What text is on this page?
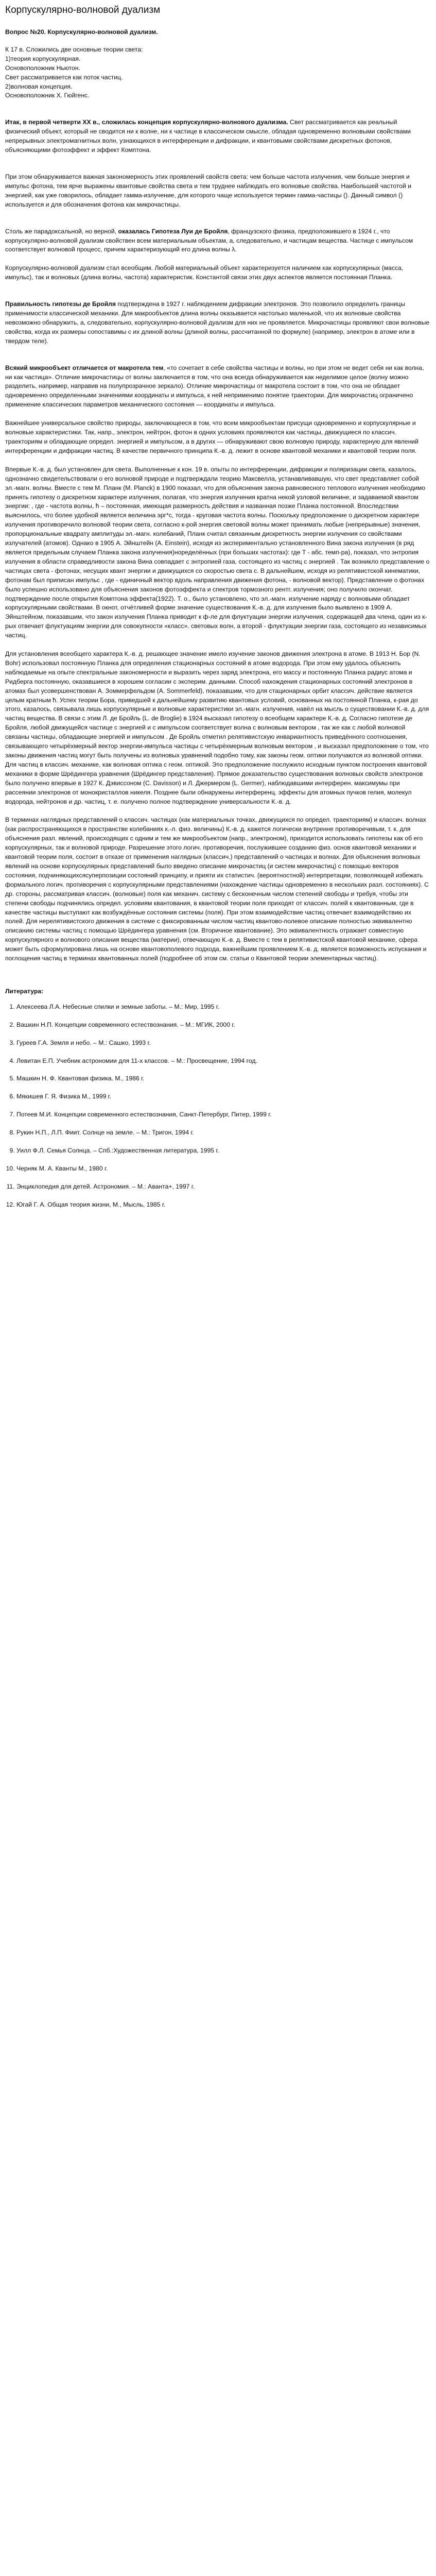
Корпускулярно-волновой дуализм
Вопрос №20. Корпускулярно-волновой дуализм.
К 17 в. Сложились две основные теории света:
1)теория корпускулярная.
Основоположник Ньютон.
Свет рассматривается как поток частиц.
2)волновая концепция.
Основоположник Х. Гюйгенс.

Итак, в первой четверти XX в., сложилась концепция корпускулярно-волнового дуализма. Свет рассматривается как реальный физический объект, который не сводится ни к волне, ни к частице в классическом смысле, обладая одновременно волновыми свойствами непрерывных электромагнитных волн, узнающихся в интерференции и дифракции, и квантовыми свойствами дискретных фотонов, объясняющими фотоэффект и эффект Комптона.

При этом обнаруживается важная закономерность этих проявлений свойств света: чем больше частота излучения, чем больше энергия и импульс фотона, тем ярче выражены квантовые свойства света и тем труднее наблюдать его волновые свойства. Наибольшей частотой и энергией, как уже говорилось, обладает гамма-излучение, для которого чаще используется термин гамма-частицы (). Данный символ () используется и для обозначения фотона как микрочастицы.

Столь же парадоксальной, но верной, оказалась Гипотеза Луи де Бройля, французского физика, предположившего в 1924 г., что корпускулярно-волновой дуализм свойствен всем материальным объектам, а, следовательно, и частицам вещества. Частице с импульсом соответствует волновой процесс, причем характеризующий его длина волны λ.

Корпускулярно-волновой дуализм стал всеобщим. Любой материальный объект характеризуется наличием как корпускулярных (масса, импульс), так и волновых (длина волны, частота) характеристик. Константой связи этих двух аспектов является постоянная Планка.

Правильность гипотезы де Бройля подтверждена в 1927 г. наблюдением дифракции электронов. Это позволило определить границы применимости классической механики. Для макрообъектов длина волны оказывается настолько маленькой, что их волновые свойства невозможно обнаружить, а, следовательно, корпускулярно-волновой дуализм для них не проявляется. Микрочастицы проявляют свои волновые свойства, когда их размеры сопоставимы с их длиной волны (длиной волны, рассчитанной по формуле) (например, электрон в атоме или в твердом теле).

Всякий микрообъект отличается от макротела тем, «то сочетает в себе свойства частицы и волны, но при этом не ведет себя ни как волна, ни как частица». Отличие микрочастицы от волны заключается в том, что она всегда обнаруживается как неделимое целое (волну можно разделить, например, направив на полупрозрачное зеркало). Отличие микрочастицы от макротела состоит в том, что она не обладает одновременно определенными значениями координаты и импульса, к ней неприменимо понятие траектории. Для микрочастиц ограничено применение классических параметров механического состояния — координаты и импульса.

Важнейшее универсальное свойство природы, заключающееся в том, что всем микрообъектам присущи одновременно и корпускулярные и волновые характеристики. Так, напр., электрон, нейтрон, фотон в одних условиях проявляются как частицы, движущиеся по классич. траекториям и обладающие определ. энергией и импульсом, а в других — обнаруживают свою волновую природу, характерную для явлений интерференции и дифракции частиц. В качестве первичного принципа К.-в. д. лежит в основе квантовой механики и квантовой теории поля.

Впервые К.-в. д. был установлен для света. Выполненные к кон. 19 в. опыты по интерференции, дифракции и поляризации света, казалось, однозначно свидетельствовали о его волновой природе и подтверждали теорию Максвелла, устанавливавшую, что свет представляет собой эл.-магн. волны. Вместе с тем М. Планк (M. Planck) в 1900 показал, что для объяснения закона равновесного теплового излучения необходимо принять гипотезу о дискретном характере излучения, полагая, что энергия излучения кратна некой узловой величине, и задаваемой квантом энергии: , где - частота волны, ħ – постоянная, имеющая размерность действия и названная позже Планка постоянной. Впоследствии выяснилось, что более удобной является величина эрг*с, тогда - круговая частота волны. Поскольку предположение о дискретном характере излучения противоречило волновой теории света, согласно к-рой энергия световой волны может принимать любые (непрерывные) значения, пропорциональные квадрату амплитуды эл.-магн. колебаний, Планк считал связанным дискретность энергии излучения со свойствами излучателей (атомов). Однако в 1905 А. Эйнштейн (A. Einstein), исходя из экспериментально установленного Вина закона излучения (в ряд является предельным случаем Планка закона излучения)ноределённых (при больших частотах): где T - абс. темп-ра), показал, что энтропия излучения в области справедливости закона Вина совпадает с энтропией газа, состоящего из частиц с энергией . Так возникло представление о частицах света - фотонах, несущих квант энергии и движущихся со скоростью света с. В дальнейшем, исходя из релятивистской кинематики, фотонам был приписан импульс , где - единичный вектор вдоль направления движения фотона, - волновой вектор). Представление о фотонах было успешно использовано для объяснения законов фотоэффекта и спектров тормозного рентг. излучения; оно получило окончат. подтверждение после открытия Комптона эффекта(1922). Т. о., было установлено, что эл.-магн. излучение наряду с волновыми обладает корпускулярными свойствами. В окнот, отчётливей форме значение существования К.-в. д. для излучения было выявлено в 1909 А. Эйнштейном, показавшим, что закон излучения Планка приводит к ф-ле для флуктуации энергии излучения, содержащей два члена, один из к-рых отвечает флуктуациям энергии для совокупности «класс». световых волн, а второй - флуктуации энергии газа, состоящего из независимых частиц.

Для установления всеобщего характера К.-в. д. решающее значение имело изучение законов движения электрона в атоме. В 1913 Н. Бор (N. Bohr) использовал постоянную Планка для определения стационарных состояний в атоме водорода. При этом ему удалось объяснить наблюдаемые на опыте спектральные закономерности и выразить через заряд электрона, его массу и постоянную Планка радиус атома и Ридберга постоянную, оказавшиеся в хорошем согласии с эксперим. данными. Способ нахождения стационарных состояний электронов в атомах был усовершенствован А. Зоммерфельдом (A. Sommerfeld), показавшим, что для стационарных орбит классич. действие является целым кратным ħ. Успех теории Бора, приведшей к дальнейшему развитию квантовых условий, основанных на постоянной Планка, к-рая до этого, казалось, связывала лишь корпускулярные и волновые характеристики эл.-магн. излучения, навёл на мысль о существовании К.-в. д. для частиц вещества. В связи с этим Л. де Бройль (L. de Broglie) в 1924 высказал гипотезу о всеобщем характере К.-в. д. Согласно гипотезе де Бройля, любой движущейся частице с энергией и с импульсом соответствует волна с волновым вектором , так же как с любой волновой связаны частицы, обладающие энергией и импульсом . Де Бройль отметил релятивистскую инвариантность приведённого соотношения, связывающего четырёхмерный вектор энергии-импульса частицы с четырёхмерным волновым вектором , и высказал предположение о том, что законы движения частиц могут быть получены из волновых уравнений подобно тому, как законы геом. оптики получаются из волновой оптики. Для частиц в классич. механике, как волновая оптика с геом. оптикой. Это предположение послужило исходным пунктом построения квантовой механики в форме Шрёдингера уравнения (Шрёдингер представления). Прямое доказательство существования волновых свойств электронов было получено впервые в 1927 К. Дэвиссоном (C. Davisson) и Л. Джермером (L. Germer), наблюдавшими интерферен. максимумы при рассеянии электронов от монокристаллов никеля. Позднее были обнаружены интерференц. эффекты для атомных пучков гелия, молекул водорода, нейтронов и др. частиц, т. е. получено полное подтверждение универсальности К.-в. д.

В терминах наглядных представлений о классич. частицах (как материальных точках, движущихся по определ. траекториям) и классич. волнах (как распространяющихся в пространстве колебаниях к.-л. физ. величины) К.-в. д. кажется логически внутренне противоречивым, т. к. для объяснения разл. явлений, происходящих с одним и тем же микрообъектом (напр., электроном), приходится использовать гипотезы как об его корпускулярных, так и волновой природе. Разрешение этого логич. противоречия, послужившее созданию физ. основ квантовой механики и квантовой теории поля, состоит в отказе от применения наглядных (классич.) представлений о частицах и волнах. Для объяснения волновых явлений на основе корпускулярных представлений было введено описание микрочастиц (и систем микрочастиц) с помощью векторов состояния, подчиняющихсясуперпозиции состояний принципу, и прияти их статистич. (вероятностной) интерпретации, позволяющей избежать формального логич. противоречия с корпускулярными представлениями (нахождение частицы одновременно в нескольких разл. состояниях). С др. стороны, рассматривая классич. (волновые) поля как механич. систему с бесконечным числом степеней свободы и требуя, чтобы эти степени свободы подчинялись определ. условиям квантования, в квантовой теории поля приходят от классич. полей к квантованным, где в качестве частицы выступают как возбуждённые состояния системы (поля). При этом взаимодействие частиц отвечает взаимодействию их полей. Для нерелятивистского движения в системе с фиксированным числом частиц квантово-полевое описание полностью эквивалентно описанию системы частиц с помощью Шрёдингера уравнения (см. Вторичное квантование). Это эквивалентность отражает совместную корпускулярного и волнового описания вещества (материи), отвечающую К.-в. д. Вместе с тем в релятивистской квантовой механике, сфера может быть сформулирована лишь на основе квантовополевого подхода, важнейшим проявлением К.-в. д. является возможность испускания и поглощения частиц в терминах квантованных полей (подробнее об этом см. статьи о Квантовой теории элементарных частиц).

Литература:
1. Алексеева Л.А. Небесные спилки и земные заботы. – М.: Мир, 1995 г.
2. Вашкин Н.П. Концепции современного естествознания. – М.: МГИК, 2000 г.
3. Гуреев Г.А. Земля и небо. – М.: Сашко, 1993 г.
4. Левитан Е.П. Учебник астрономии для 11-х классов. – М.: Просвещение, 1994 год.
5. Машкин Н. Ф. Квантовая физика. М., 1986 г.
6. Мякишев Г. Я. Физика М., 1999 г.
7. Потеев М.И. Концепции современного естествознания, Санкт-Петербург, Питер, 1999 г.
8. Рукин Н.П., Л.П. Фиит. Солнце на земле. – М.: Тригон, 1994 г.
9. Уилл Ф.Л. Семья Солнца. – Спб.:Художественная литература, 1995 г.
10. Черняк М. А. Кванты М., 1980 г.
11. Энциклопедия для детей. Астрономия. – М.: Аванта+, 1997 г.
12. Югай Г. А. Общая теория жизни, М., Мысль, 1985 г.
